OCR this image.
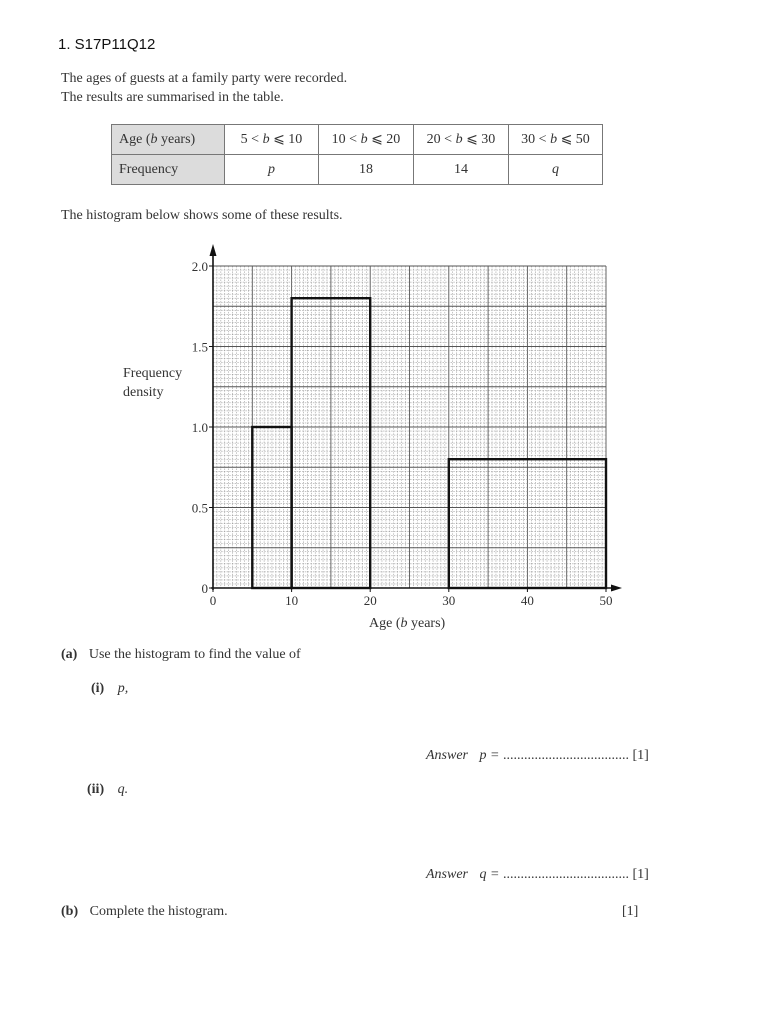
1. S17P11Q12
The ages of guests at a family party were recorded.
The results are summarised in the table.
Age (b years)	5 < b ⩽ 10	10 < b ⩽ 20	20 < b ⩽ 30	30 < b ⩽ 50
Frequency	p	18	14	q
The histogram below shows some of these results.
0	10	20	30	40	50
0
0.5
1.0
1.5
2.0
Frequency
density
Age (b years)
(a) Use the histogram to find the value of
(i) p,
Answer p = .................................... [1]
(ii) q.
Answer q = .................................... [1]
(b) Complete the histogram.	[1]
